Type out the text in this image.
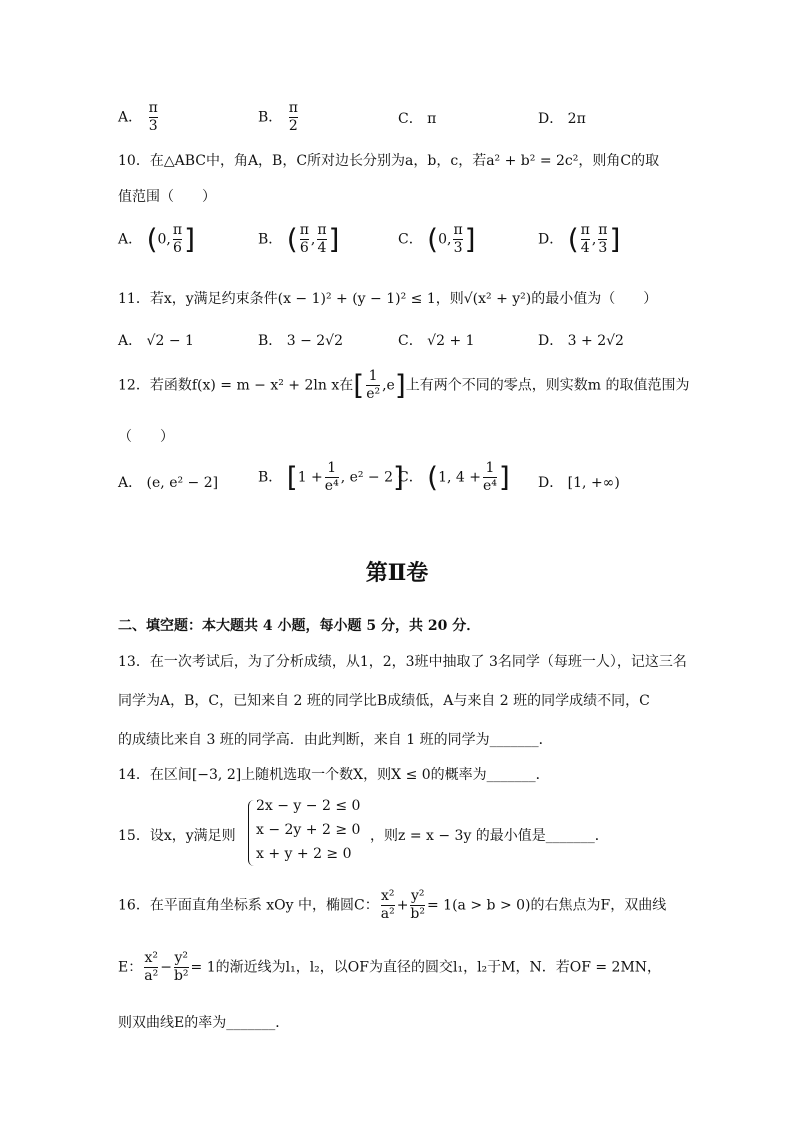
A． $\frac{\pi}{3}$	B． $\frac{\pi}{2}$	C． π	D． 2π
10．在△ABC中，角A，B，C所对边长分别为a，b，c，若a² + b² = 2c²，则角C的取
值范围（　　）
A． (0, $\frac{\pi}{6}$ ]	B． ( $\frac{\pi}{6}$ , $\frac{\pi}{4}$ ]	C． (0, $\frac{\pi}{3}$ ]	D． ( $\frac{\pi}{4}$ , $\frac{\pi}{3}$ ]
11．若x，y满足约束条件(x − 1)² + (y − 1)² ≤ 1，则√(x² + y²)的最小值为（　　）
A． √2 − 1	B． 3 − 2√2	C． √2 + 1	D． 3 + 2√2
12．若函数f(x) = m − x² + 2ln x在[ $\frac{1}{\text{e²}} ,e$]上有两个不同的零点，则实数m 的取值范围为
（　　）
A． (e, e² − 2]	B． [$1 + \frac{1}{\text{e⁴}}$ , e² − 2]
C． (1, $4 + \frac{1}{\text{e⁴}}$ ] D． [1, +∞)
第Ⅱ卷
二、填空题：本大题共 4 小题，每小题 5 分，共 20 分．
13．在一次考试后，为了分析成绩，从1，2，3班中抽取了 3名同学（每班一人），记这三名
同学为A，B，C，已知来自 2 班的同学比B成绩低，A与来自 2 班的同学成绩不同，C
的成绩比来自 3 班的同学高．由此判断，来自 1 班的同学为_______．
14．在区间[−3, 2]上随机选取一个数X，则X ≤ 0的概率为_______．
15．设x，y满足则
2x − y − 2 ≤ 0
x − 2y + 2 ≥ 0
x + y + 2 ≥ 0
，则z = x − 3y 的最小值是_______．
16．在平面直角坐标系 xOy 中，椭圆C： $\frac{\text{x²}}{\text{a²}} + \frac{\text{y²}}{\text{b²}} = 1(a > b > 0)$的右焦点为F，双曲线
E： $\frac{\text{x²}}{\text{a²}} - \frac{\text{y²}}{\text{b²}} = 1$的渐近线为l₁，l₂，以OF为直径的圆交l₁，l₂于M，N．若OF = 2MN，
则双曲线E的率为_______．
